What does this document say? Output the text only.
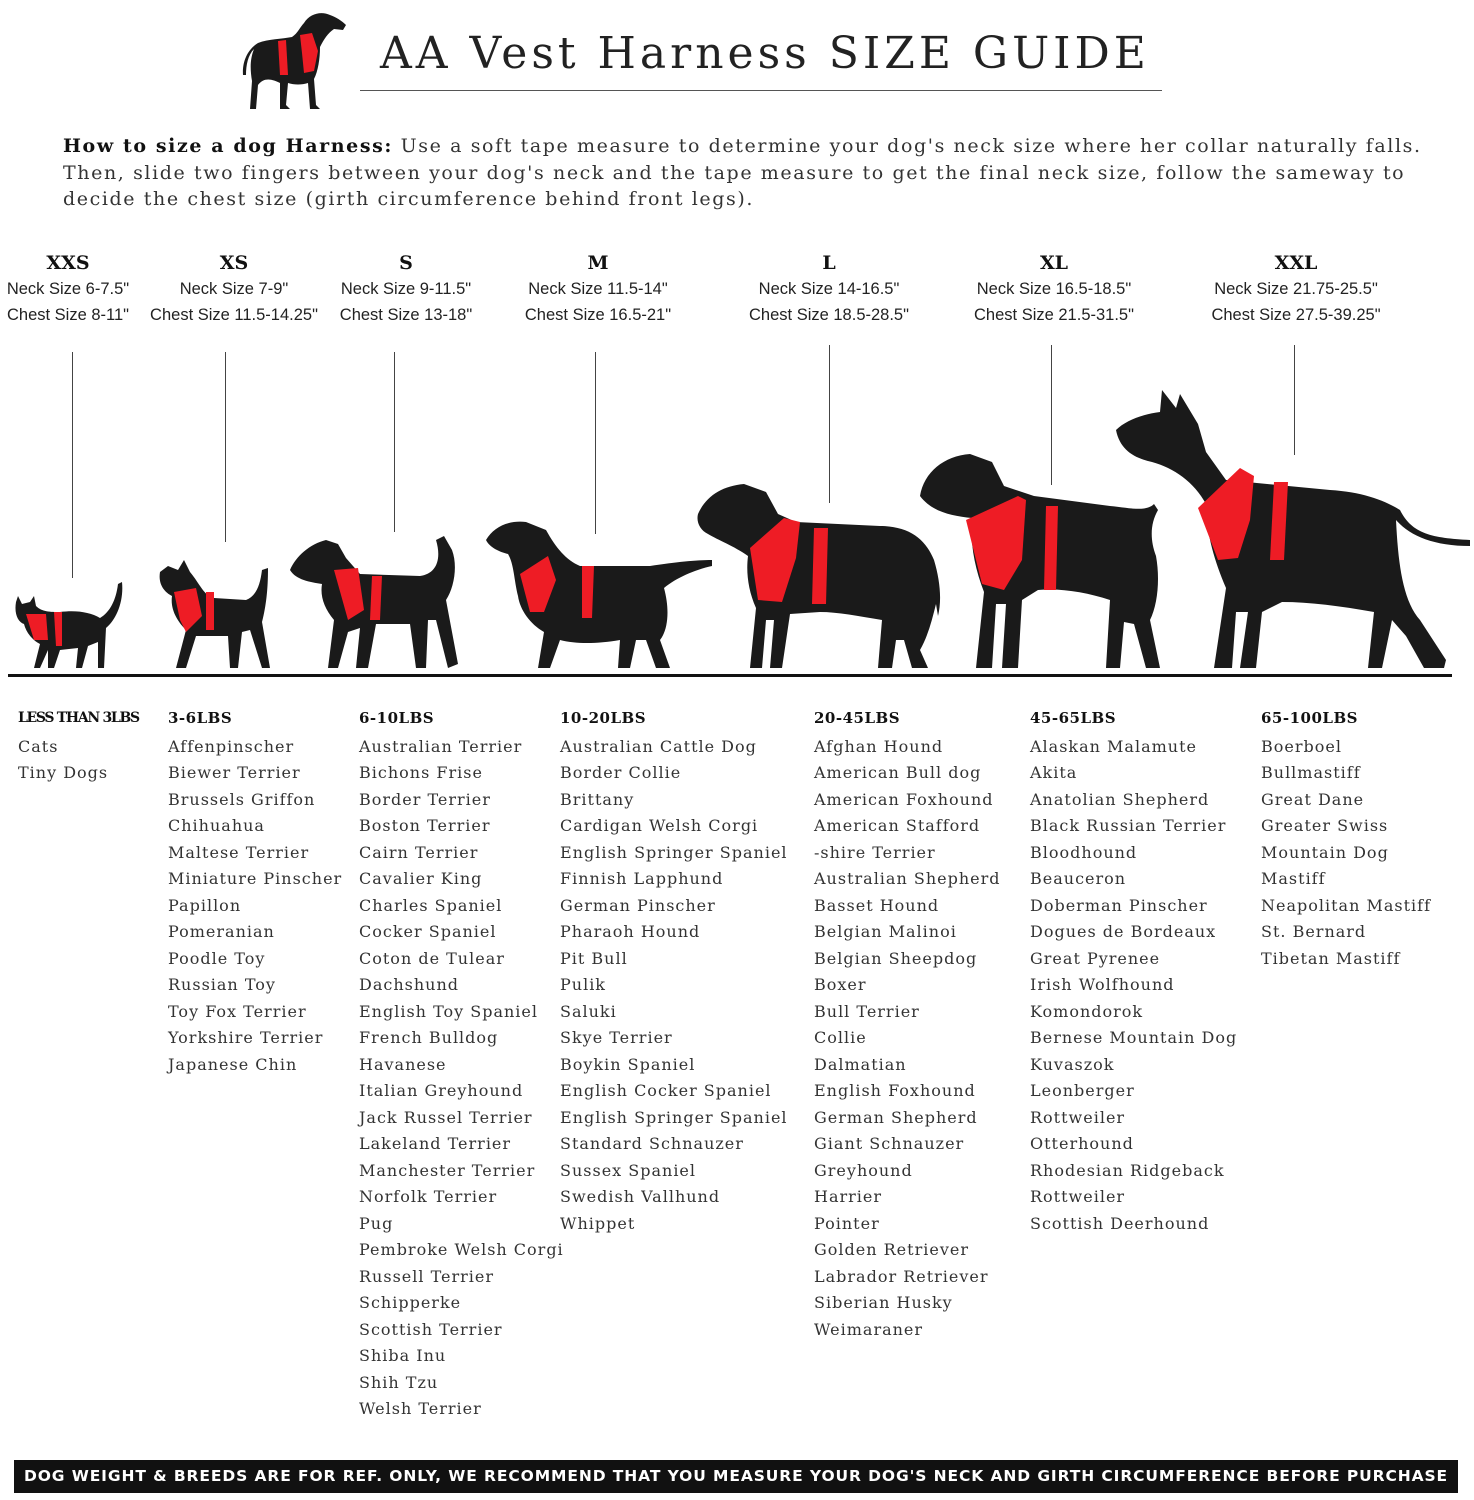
AA Vest Harness SIZE GUIDE
How to size a dog Harness: Use a soft tape measure to determine your dog's neck size where her collar naturally falls. Then, slide two fingers between your dog's neck and the tape measure to get the final neck size, follow the sameway to decide the chest size (girth circumference behind front legs).
XXS
Neck Size 6-7.5"
Chest Size 8-11"
XS
Neck Size 7-9"
Chest Size 11.5-14.25"
S
Neck Size 9-11.5"
Chest Size 13-18"
M
Neck Size 11.5-14"
Chest Size 16.5-21"
L
Neck Size 14-16.5"
Chest Size 18.5-28.5"
XL
Neck Size 16.5-18.5"
Chest Size 21.5-31.5"
XXL
Neck Size 21.75-25.5"
Chest Size 27.5-39.25"
LESS THAN 3LBS
Cats
Tiny Dogs
3-6LBS
Affenpinscher
Biewer Terrier
Brussels Griffon
Chihuahua
Maltese Terrier
Miniature Pinscher
Papillon
Pomeranian
Poodle Toy
Russian Toy
Toy Fox Terrier
Yorkshire Terrier
Japanese Chin
6-10LBS
Australian Terrier
Bichons Frise
Border Terrier
Boston Terrier
Cairn Terrier
Cavalier King
Charles Spaniel
Cocker Spaniel
Coton de Tulear
Dachshund
English Toy Spaniel
French Bulldog
Havanese
Italian Greyhound
Jack Russel Terrier
Lakeland Terrier
Manchester Terrier
Norfolk Terrier
Pug
Pembroke Welsh Corgi
Russell Terrier
Schipperke
Scottish Terrier
Shiba Inu
Shih Tzu
Welsh Terrier
10-20LBS
Australian Cattle Dog
Border Collie
Brittany
Cardigan Welsh Corgi
English Springer Spaniel
Finnish Lapphund
German Pinscher
Pharaoh Hound
Pit Bull
Pulik
Saluki
Skye Terrier
Boykin Spaniel
English Cocker Spaniel
English Springer Spaniel
Standard Schnauzer
Sussex Spaniel
Swedish Vallhund
Whippet
20-45LBS
Afghan Hound
American Bull dog
American Foxhound
American Stafford
-shire Terrier
Australian Shepherd
Basset Hound
Belgian Malinoi
Belgian Sheepdog
Boxer
Bull Terrier
Collie
Dalmatian
English Foxhound
German Shepherd
Giant Schnauzer
Greyhound
Harrier
Pointer
Golden Retriever
Labrador Retriever
Siberian Husky
Weimaraner
45-65LBS
Alaskan Malamute
Akita
Anatolian Shepherd
Black Russian Terrier
Bloodhound
Beauceron
Doberman Pinscher
Dogues de Bordeaux
Great Pyrenee
Irish Wolfhound
Komondorok
Bernese Mountain Dog
Kuvaszok
Leonberger
Rottweiler
Otterhound
Rhodesian Ridgeback
Rottweiler
Scottish Deerhound
65-100LBS
Boerboel
Bullmastiff
Great Dane
Greater Swiss
Mountain Dog
Mastiff
Neapolitan Mastiff
St. Bernard
Tibetan Mastiff
DOG WEIGHT & BREEDS ARE FOR REF. ONLY, WE RECOMMEND THAT YOU MEASURE YOUR DOG'S NECK AND GIRTH CIRCUMFERENCE BEFORE PURCHASE
